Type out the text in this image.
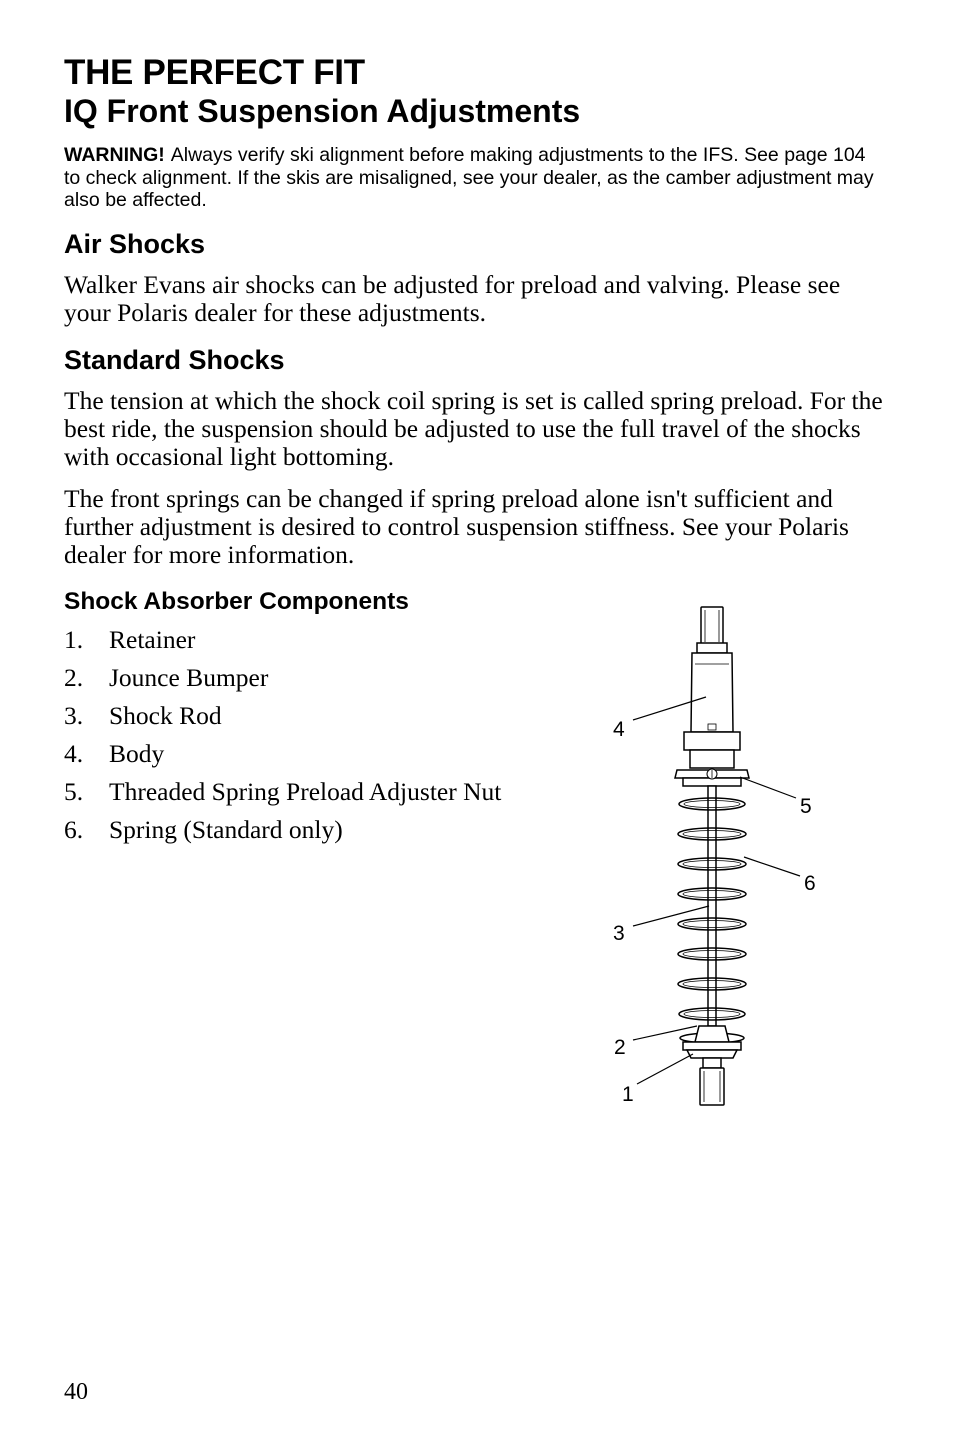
THE PERFECT FIT
IQ Front Suspension Adjustments
WARNING! Always verify ski alignment before making adjustments to the IFS. See page 104 to check alignment. If the skis are misaligned, see your dealer, as the camber adjustment may also be affected.
Air Shocks

Walker Evans air shocks can be adjusted for preload and valving. Please see your Polaris dealer for these adjustments.

Standard Shocks

The tension at which the shock coil spring is set is called spring preload. For the best ride, the suspension should be adjusted to use the full travel of the shocks with occasional light bottoming.

The front springs can be changed if spring preload alone isn't sufficient and further adjustment is desired to control suspension stiffness. See your Polaris dealer for more information.

Shock Absorber Components
1. Retainer
2. Jounce Bumper
3. Shock Rod
4. Body
5. Threaded Spring Preload Adjuster Nut
6. Spring (Standard only)
4
5
6
3
2
1
40
